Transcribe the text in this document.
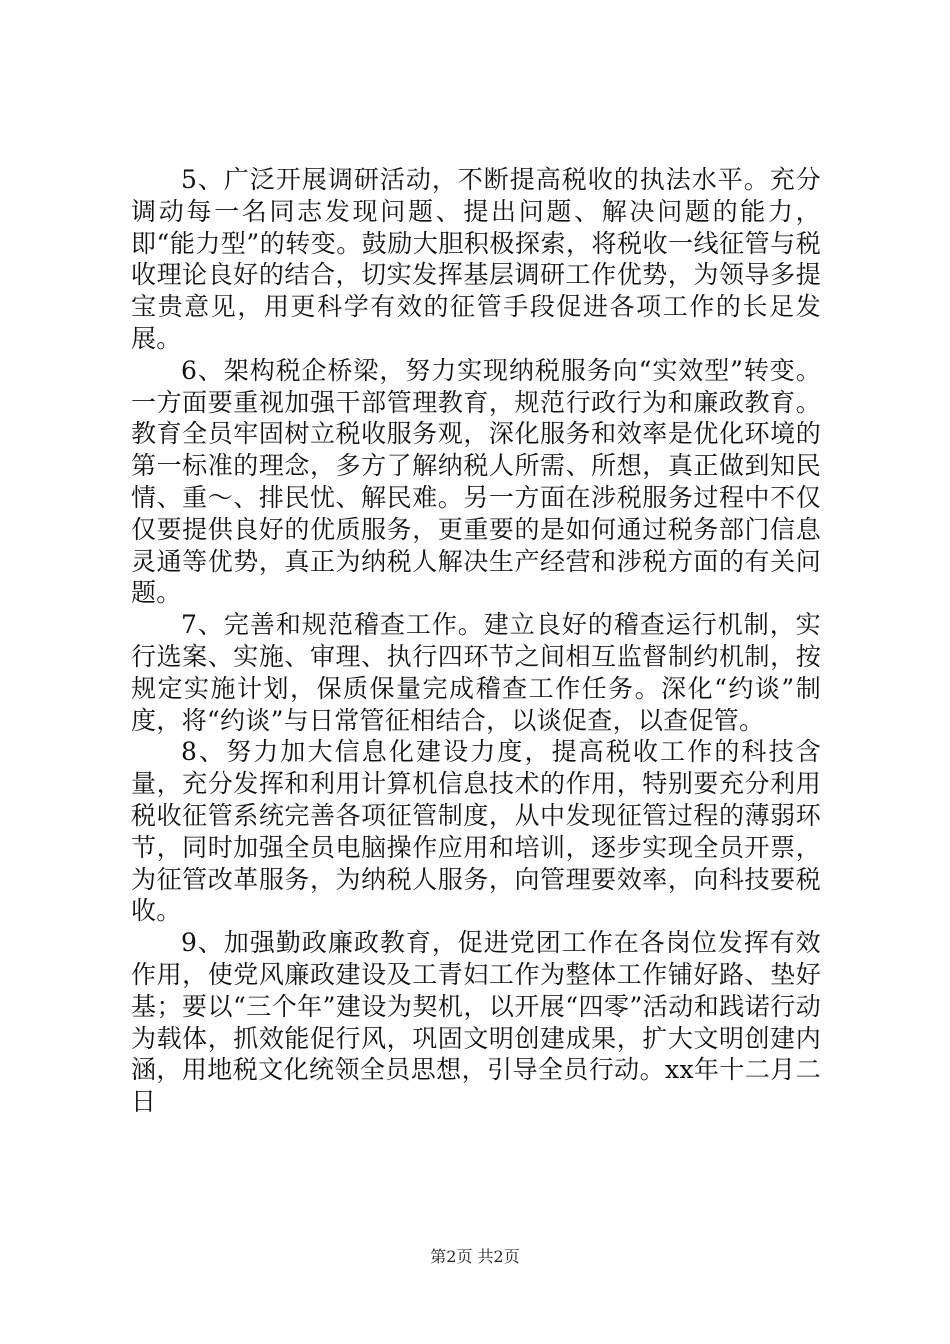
5、广泛开展调研活动，不断提高税收的执法水平。充分调动每一名同志发现问题、提出问题、解决问题的能力，即“能力型”的转变。鼓励大胆积极探索，将税收一线征管与税收理论良好的结合，切实发挥基层调研工作优势，为领导多提宝贵意见，用更科学有效的征管手段促进各项工作的长足发展。

6、架构税企桥梁，努力实现纳税服务向“实效型”转变。一方面要重视加强干部管理教育，规范行政行为和廉政教育。教育全员牢固树立税收服务观，深化服务和效率是优化环境的第一标准的理念，多方了解纳税人所需、所想，真正做到知民情、重～、排民忧、解民难。另一方面在涉税服务过程中不仅仅要提供良好的优质服务，更重要的是如何通过税务部门信息灵通等优势，真正为纳税人解决生产经营和涉税方面的有关问题。

7、完善和规范稽查工作。建立良好的稽查运行机制，实行选案、实施、审理、执行四环节之间相互监督制约机制，按规定实施计划，保质保量完成稽查工作任务。深化“约谈”制度，将“约谈”与日常管征相结合，以谈促查，以查促管。

8、努力加大信息化建设力度，提高税收工作的科技含量，充分发挥和利用计算机信息技术的作用，特别要充分利用税收征管系统完善各项征管制度，从中发现征管过程的薄弱环节，同时加强全员电脑操作应用和培训，逐步实现全员开票，为征管改革服务，为纳税人服务，向管理要效率，向科技要税收。

9、加强勤政廉政教育，促进党团工作在各岗位发挥有效作用，使党风廉政建设及工青妇工作为整体工作铺好路、垫好基；要以“三个年”建设为契机，以开展“四零”活动和践诺行动为载体，抓效能促行风，巩固文明创建成果，扩大文明创建内涵，用地税文化统领全员思想，引导全员行动。xx年十二月二日

第2页 共2页
